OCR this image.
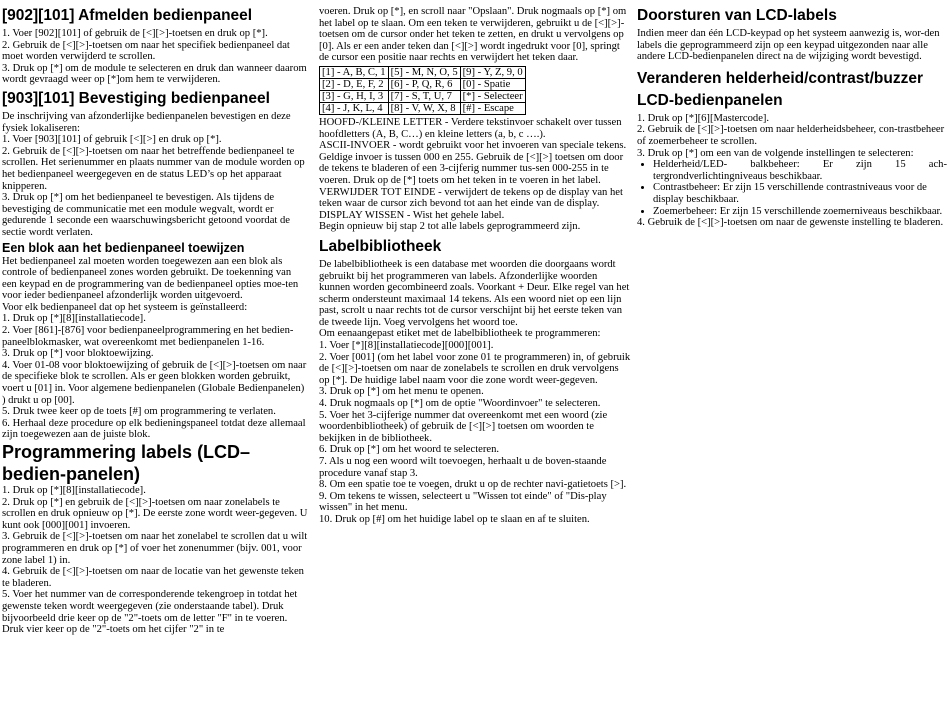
[902][101] Afmelden bedienpaneel

1. Voer [902][101] of gebruik de [<][>]-toetsen en druk op [*].

2. Gebruik de [<][>]-toetsen om naar het specifiek bedienpaneel dat moet worden verwijderd te scrollen.

3. Druk op [*] om de module te selecteren en druk dan wanneer daarom wordt gevraagd weer op [*]om hem te verwijderen.

[903][101] Bevestiging bedienpaneel

De inschrijving van afzonderlijke bedienpanelen bevestigen en deze fysiek lokaliseren:

1. Voer [903][101] of gebruik [<][>] en druk op [*].

2. Gebruik de [<][>]-toetsen om naar het betreffende bedienpaneel te scrollen. Het serienummer en plaats nummer van de module worden op het bedienpaneel weergegeven en de status LED’s op het apparaat knipperen.

3. Druk op [*] om het bedienpaneel te bevestigen. Als tijdens de bevestiging de communicatie met een module wegvalt, wordt er gedurende 1 seconde een waarschuwingsbericht getoond voordat de sectie wordt verlaten.

Een blok aan het bedienpaneel toewijzen

Het bedienpaneel zal moeten worden toegewezen aan een blok als controle of bedienpaneel zones worden gebruikt. De toekenning van een keypad en de programmering van de bedienpaneel opties moe-ten voor ieder bedienpaneel afzonderlijk worden uitgevoerd.

Voor elk bedienpaneel dat op het systeem is geïnstalleerd:

1. Druk op [*][8][installatiecode].

2. Voer [861]-[876] voor bedienpaneelprogrammering en het bedien-paneelblokmasker, wat overeenkomt met bedienpanelen 1-16.

3. Druk op [*] voor bloktoewijzing.

4. Voer 01-08 voor bloktoewijzing of gebruik de [<][>]-toetsen om naar de specifieke blok te scrollen. Als er geen blokken worden gebruikt, voert u [01] in. Voor algemene bedienpanelen (Globale Bedienpanelen) ) drukt u op [00].

5. Druk twee keer op de toets [#] om programmering te verlaten.

6. Herhaal deze procedure op elk bedieningspaneel totdat deze allemaal zijn toegewezen aan de juiste blok.

Programmering labels (LCD–bedien-panelen)

1. Druk op [*][8][installatiecode].

2. Druk op [*] en gebruik de [<][>]-toetsen om naar zonelabels te scrollen en druk opnieuw op [*]. De eerste zone wordt weer-gegeven. U kunt ook [000][001] invoeren.

3. Gebruik de [<][>]-toetsen om naar het zonelabel te scrollen dat u wilt programmeren en druk op [*] of voer het zonenummer (bijv. 001, voor zone label 1) in.

4. Gebruik de [<][>]-toetsen om naar de locatie van het gewenste teken te bladeren.

5. Voer het nummer van de corresponderende tekengroep in totdat het gewenste teken wordt weergegeven (zie onderstaande tabel). Druk bijvoorbeeld drie keer op de "2"-toets om de letter "F" in te voeren. Druk vier keer op de "2"-toets om het cijfer "2" in te

voeren. Druk op [*], en scroll naar "Opslaan". Druk nogmaals op [*] om het label op te slaan. Om een teken te verwijderen, gebruikt u de [<][>]-toetsen om de cursor onder het teken te zetten, en drukt u vervolgens op [0]. Als er een ander teken dan [<][>] wordt ingedrukt voor [0], springt de cursor een positie naar rechts en verwijdert het teken daar.

[1] - A, B, C, 1	[5] - M, N, O, 5	[9] - Y, Z, 9, 0
[2] - D, E, F, 2	[6] - P, Q, R, 6	[0] - Spatie
[3] - G, H, I, 3	[7] - S, T, U, 7	[*] - Selecteer
[4] - J, K, L, 4	[8] - V, W, X, 8	[#] - Escape

HOOFD-/KLEINE LETTER - Verdere tekstinvoer schakelt over tussen hoofdletters (A, B, C…) en kleine letters (a, b, c ….).

ASCII-INVOER - wordt gebruikt voor het invoeren van speciale tekens. Geldige invoer is tussen 000 en 255. Gebruik de [<][>] toetsen om door de tekens te bladeren of een 3-cijferig nummer tus-sen 000-255 in te voeren. Druk op de [*] toets om het teken in te voeren in het label.

VERWIJDER TOT EINDE - verwijdert de tekens op de display van het teken waar de cursor zich bevond tot aan het einde van de display.

DISPLAY WISSEN - Wist het gehele label.

Begin opnieuw bij stap 2 tot alle labels geprogrammeerd zijn.

Labelbibliotheek

De labelbibliotheek is een database met woorden die doorgaans wordt gebruikt bij het programmeren van labels. Afzonderlijke woorden kunnen worden gecombineerd zoals. Voorkant + Deur. Elke regel van het scherm ondersteunt maximaal 14 tekens. Als een woord niet op een lijn past, scrolt u naar rechts tot de cursor verschijnt bij het eerste teken van de tweede lijn. Voeg vervolgens het woord toe.

Om eenaangepast etiket met de labelbibliotheek te programmeren:

1. Voer [*][8][installatiecode][000][001].

2. Voer [001] (om het label voor zone 01 te programmeren) in, of gebruik de [<][>]-toetsen om naar de zonelabels te scrollen en druk vervolgens op [*]. De huidige label naam voor die zone wordt weer-gegeven.

3. Druk op [*] om het menu te openen.

4. Druk nogmaals op [*] om de optie "Woordinvoer" te selecteren.

5. Voer het 3-cijferige nummer dat overeenkomt met een woord (zie woordenbibliotheek) of gebruik de [<][>] toetsen om woorden te bekijken in de bibliotheek.

6. Druk op [*] om het woord te selecteren.

7. Als u nog een woord wilt toevoegen, herhaalt u de boven-staande procedure vanaf stap 3.

8. Om een spatie toe te voegen, drukt u op de rechter navi-gatietoets [>].

9. Om tekens te wissen, selecteert u "Wissen tot einde" of "Dis-play wissen" in het menu.

10. Druk op [#] om het huidige label op te slaan en af te sluiten.

Doorsturen van LCD-labels

Indien meer dan één LCD-keypad op het systeem aanwezig is, wor-den labels die geprogrammeerd zijn op een keypad uitgezonden naar alle andere LCD-bedienpanelen direct na de wijziging wordt bevestigd.

Veranderen helderheid/contrast/buzzer
LCD-bedienpanelen

1. Druk op [*][6][Mastercode].

2. Gebruik de [<][>]-toetsen om naar helderheidsbeheer, con-trastbeheer of zoemerbeheer te scrollen.

3. Druk op [*] om een van de volgende instellingen te selecteren:

• Helderheid/LED- balkbeheer: Er zijn 15 ach-tergrondverlichtingniveaus beschikbaar.
• Contrastbeheer: Er zijn 15 verschillende contrastniveaus voor de display beschikbaar.
• Zoemerbeheer: Er zijn 15 verschillende zoemerniveaus beschikbaar.

4. Gebruik de [<][>]-toetsen om naar de gewenste instelling te bladeren.
